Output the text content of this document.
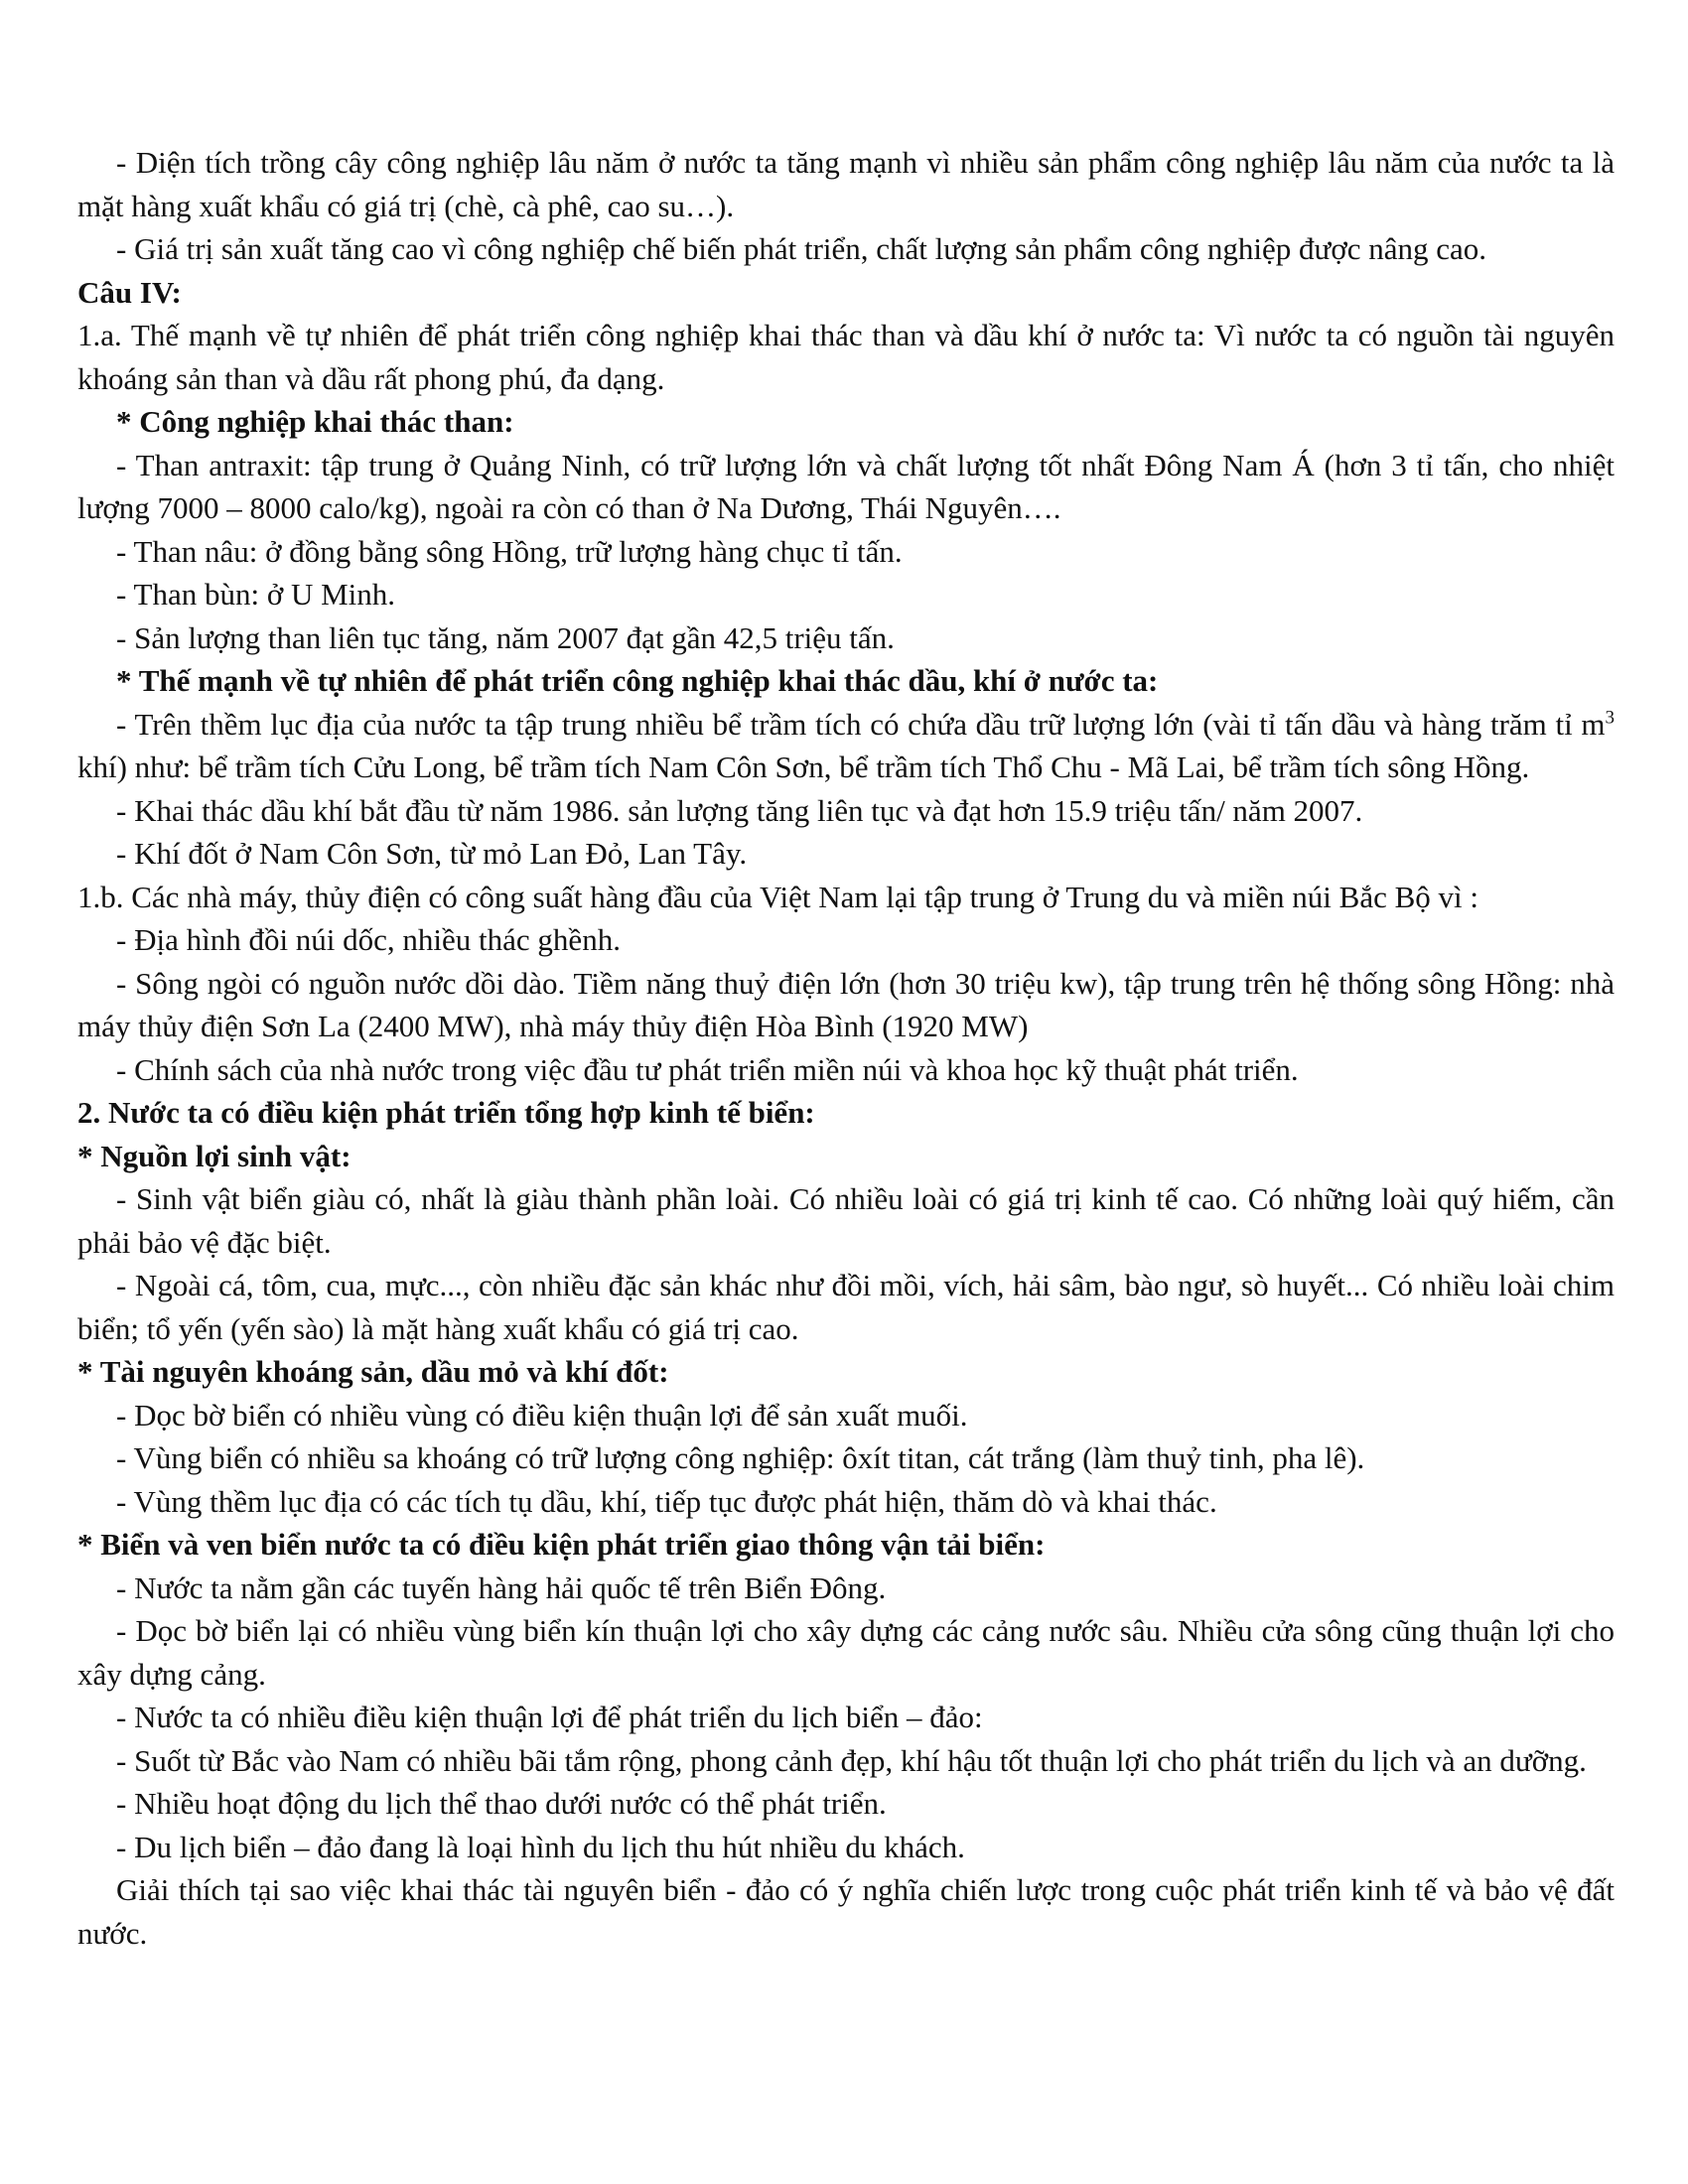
- Diện tích trồng cây công nghiệp lâu năm ở nước ta tăng mạnh vì nhiều sản phẩm công nghiệp lâu năm của nước ta là mặt hàng xuất khẩu có giá trị (chè, cà phê, cao su…).

- Giá trị sản xuất tăng cao vì công nghiệp chế biến phát triển, chất lượng sản phẩm công nghiệp được nâng cao.

Câu IV:

1.a. Thế mạnh về tự nhiên để phát triển công nghiệp khai thác than và dầu khí ở nước ta: Vì nước ta có nguồn tài nguyên khoáng sản than và dầu rất phong phú, đa dạng.

* Công nghiệp khai thác than:

- Than antraxit: tập trung ở Quảng Ninh, có trữ lượng lớn và chất lượng tốt nhất Đông Nam Á (hơn 3 tỉ tấn, cho nhiệt lượng 7000 – 8000 calo/kg), ngoài ra còn có than ở Na Dương, Thái Nguyên….

- Than nâu: ở đồng bằng sông Hồng, trữ lượng hàng chục tỉ tấn.

- Than bùn: ở U Minh.

- Sản lượng than liên tục tăng, năm 2007 đạt gần 42,5 triệu tấn.

* Thế mạnh về tự nhiên để phát triển công nghiệp khai thác dầu, khí ở nước ta:

- Trên thềm lục địa của nước ta tập trung nhiều bể trầm tích có chứa dầu trữ lượng lớn (vài tỉ tấn dầu và hàng trăm tỉ $m^3$ khí) như: bể trầm tích Cửu Long, bể trầm tích Nam Côn Sơn, bể trầm tích Thổ Chu - Mã Lai, bể trầm tích sông Hồng.

- Khai thác dầu khí bắt đầu từ năm 1986. sản lượng tăng liên tục và đạt hơn 15.9 triệu tấn/ năm 2007.

- Khí đốt ở Nam Côn Sơn, từ mỏ Lan Đỏ, Lan Tây.

1.b. Các nhà máy, thủy điện có công suất hàng đầu của Việt Nam lại tập trung ở Trung du và miền núi Bắc Bộ vì :

- Địa hình đồi núi dốc, nhiều thác ghềnh.

- Sông ngòi có nguồn nước dồi dào. Tiềm năng thuỷ điện lớn (hơn 30 triệu kw), tập trung trên hệ thống sông Hồng: nhà máy thủy điện Sơn La (2400 MW), nhà máy thủy điện Hòa Bình (1920 MW)

- Chính sách của nhà nước trong việc đầu tư phát triển miền núi và khoa học kỹ thuật phát triển.

2. Nước ta có điều kiện phát triển tổng hợp kinh tế biển:

* Nguồn lợi sinh vật:

- Sinh vật biển giàu có, nhất là giàu thành phần loài. Có nhiều loài có giá trị kinh tế cao. Có những loài quý hiếm, cần phải bảo vệ đặc biệt.

- Ngoài cá, tôm, cua, mực..., còn nhiều đặc sản khác như đồi mồi, vích, hải sâm, bào ngư, sò huyết... Có nhiều loài chim biển; tổ yến (yến sào) là mặt hàng xuất khẩu có giá trị cao.

* Tài nguyên khoáng sản, dầu mỏ và khí đốt:

- Dọc bờ biển có nhiều vùng có điều kiện thuận lợi để sản xuất muối.

- Vùng biển có nhiều sa khoáng có trữ lượng công nghiệp: ôxít titan, cát trắng (làm thuỷ tinh, pha lê).

- Vùng thềm lục địa có các tích tụ dầu, khí, tiếp tục được phát hiện, thăm dò và khai thác.

* Biển và ven biển nước ta có điều kiện phát triển giao thông vận tải biển:

- Nước ta nằm gần các tuyến hàng hải quốc tế trên Biển Đông.

- Dọc bờ biển lại có nhiều vùng biển kín thuận lợi cho xây dựng các cảng nước sâu. Nhiều cửa sông cũng thuận lợi cho xây dựng cảng.

- Nước ta có nhiều điều kiện thuận lợi để phát triển du lịch biển – đảo:

- Suốt từ Bắc vào Nam có nhiều bãi tắm rộng, phong cảnh đẹp, khí hậu tốt thuận lợi cho phát triển du lịch và an dưỡng.

- Nhiều hoạt động du lịch thể thao dưới nước có thể phát triển.

- Du lịch biển – đảo đang là loại hình du lịch thu hút nhiều du khách.

Giải thích tại sao việc khai thác tài nguyên biển - đảo có ý nghĩa chiến lược trong cuộc phát triển kinh tế và bảo vệ đất nước.
